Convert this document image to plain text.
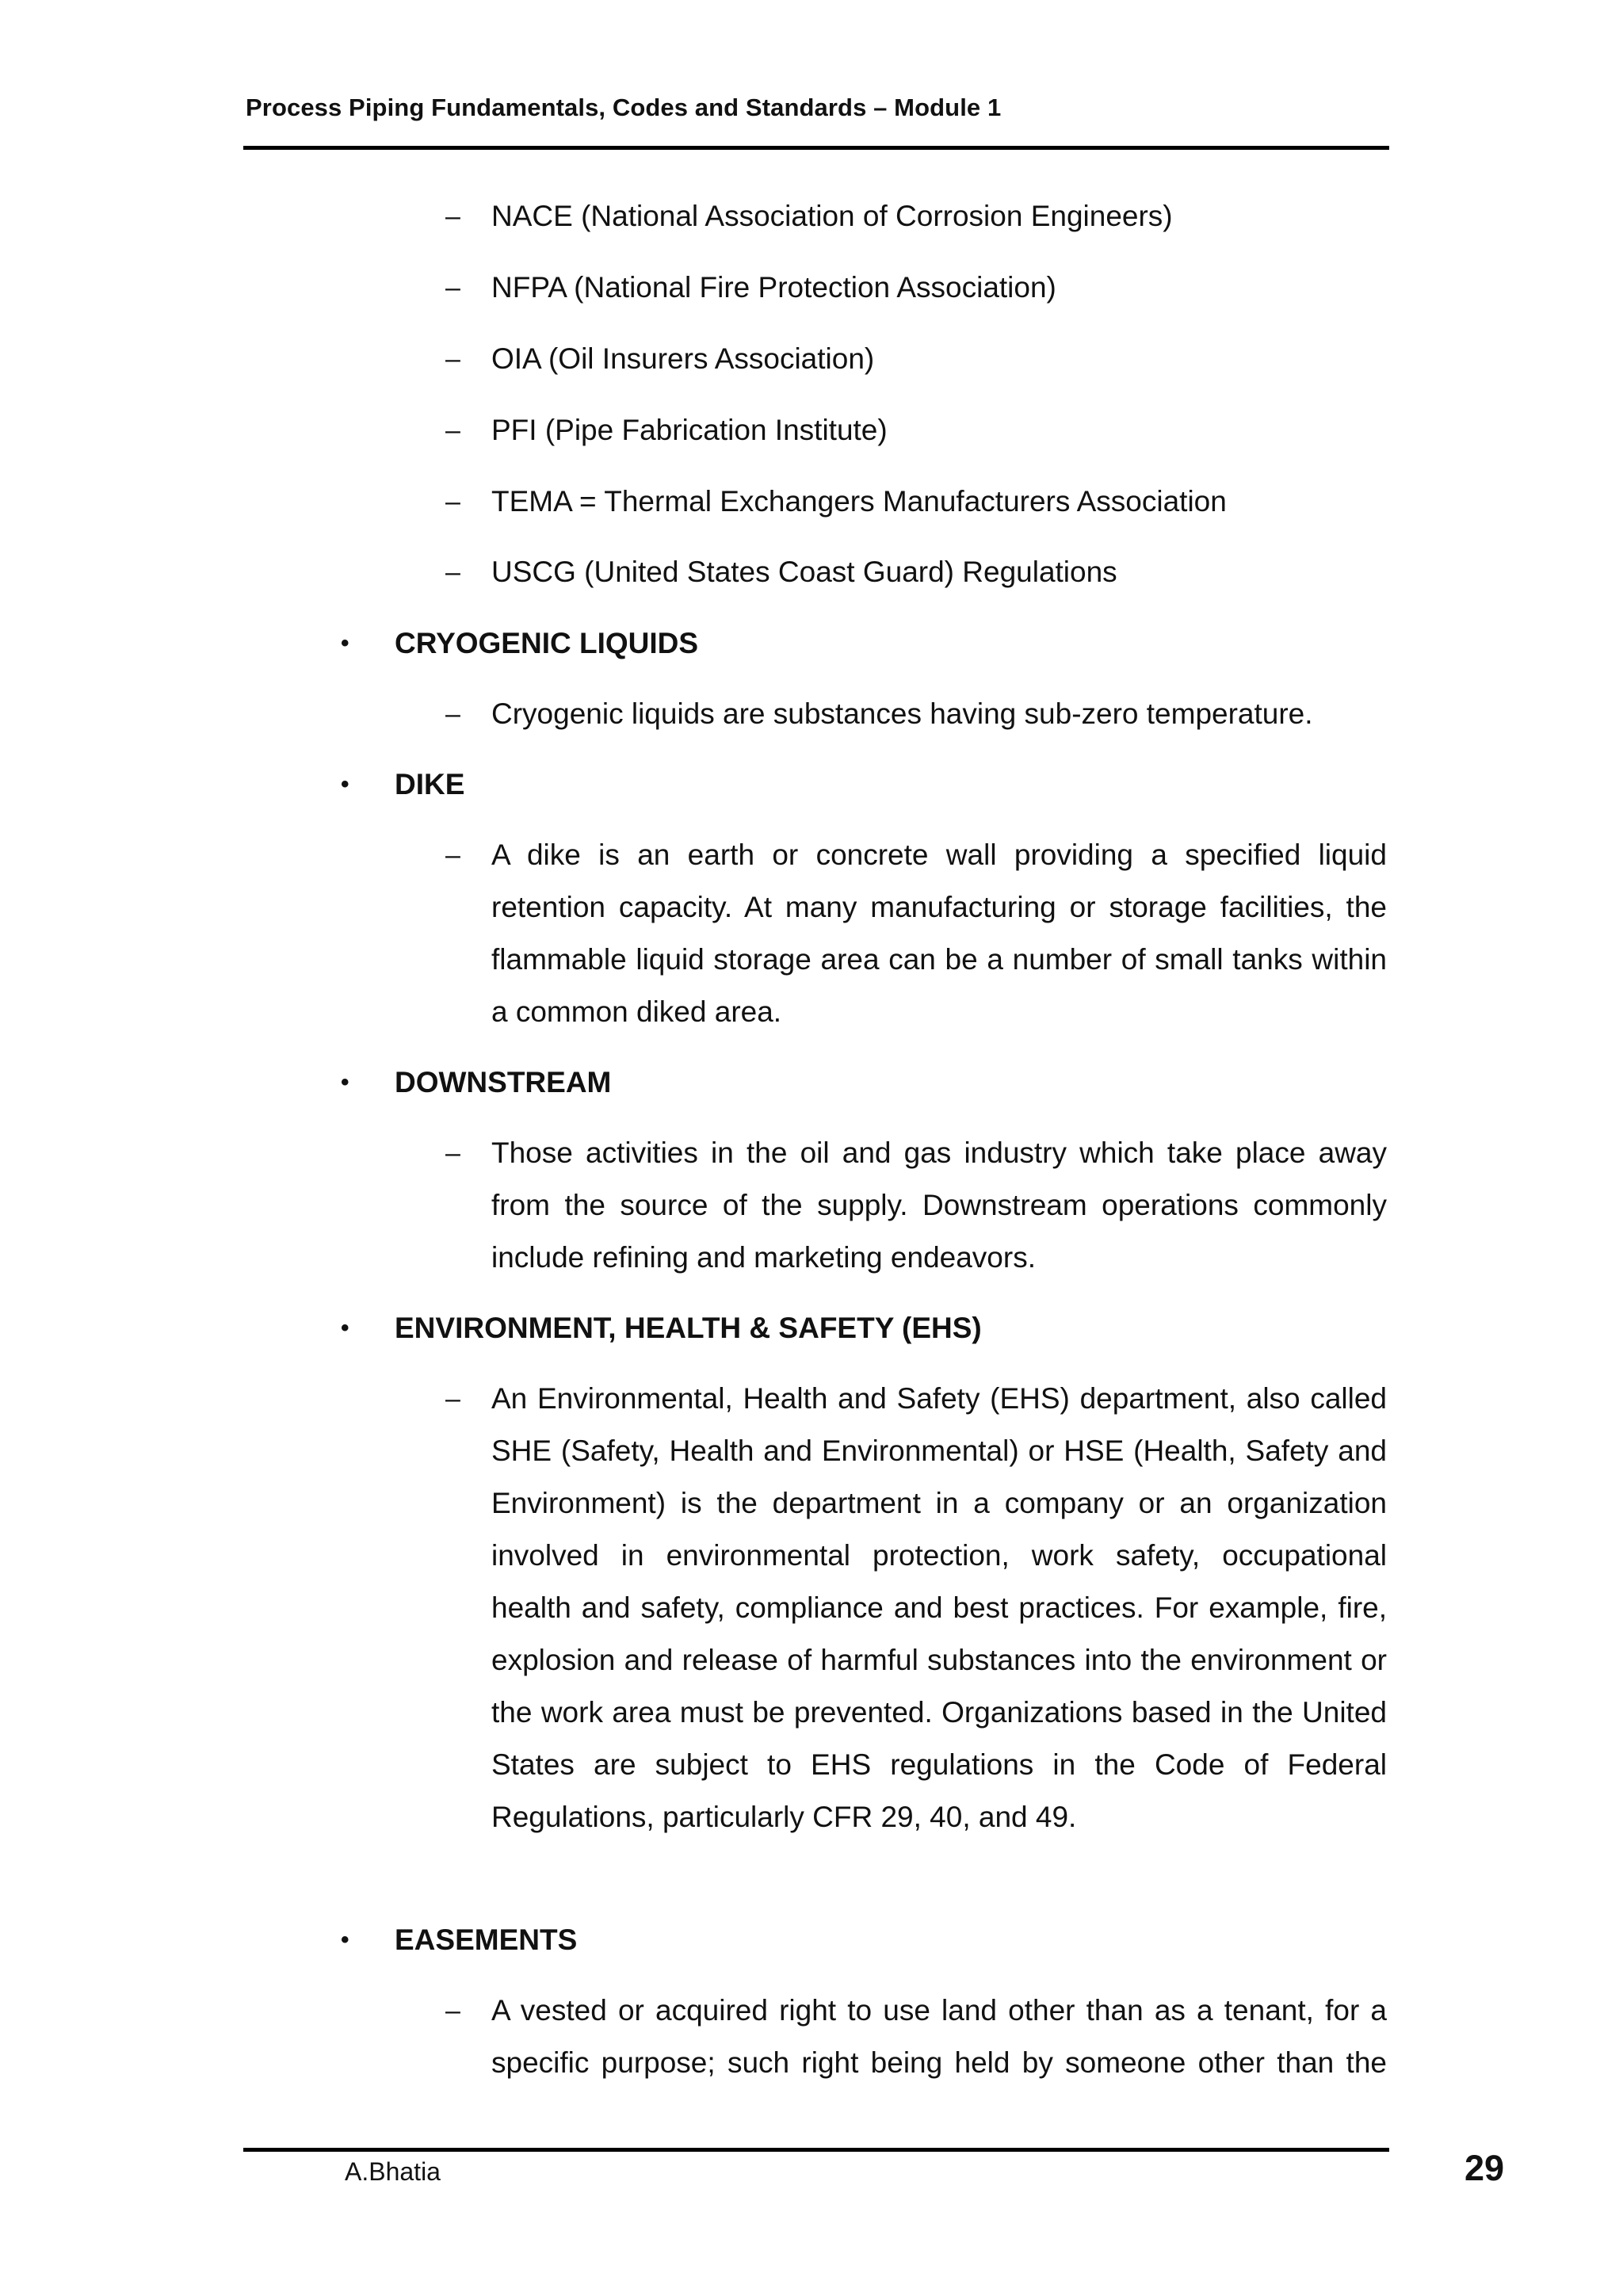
Process Piping Fundamentals, Codes and Standards – Module 1
– NACE (National Association of Corrosion Engineers)
– NFPA (National Fire Protection Association)
– OIA (Oil Insurers Association)
– PFI (Pipe Fabrication Institute)
– TEMA = Thermal Exchangers Manufacturers Association
– USCG (United States Coast Guard) Regulations
• CRYOGENIC LIQUIDS
– Cryogenic liquids are substances having sub-zero temperature.
• DIKE
– A dike is an earth or concrete wall providing a specified liquid retention capacity. At many manufacturing or storage facilities, the flammable liquid storage area can be a number of small tanks within a common diked area.
• DOWNSTREAM
– Those activities in the oil and gas industry which take place away from the source of the supply. Downstream operations commonly include refining and marketing endeavors.
• ENVIRONMENT, HEALTH & SAFETY (EHS)
– An Environmental, Health and Safety (EHS) department, also called SHE (Safety, Health and Environmental) or HSE (Health, Safety and Environment) is the department in a company or an organization involved in environmental protection, work safety, occupational health and safety, compliance and best practices. For example, fire, explosion and release of harmful substances into the environment or the work area must be prevented. Organizations based in the United States are subject to EHS regulations in the Code of Federal Regulations, particularly CFR 29, 40, and 49.
• EASEMENTS
– A vested or acquired right to use land other than as a tenant, for a specific purpose; such right being held by someone other than the
A.Bhatia	29
